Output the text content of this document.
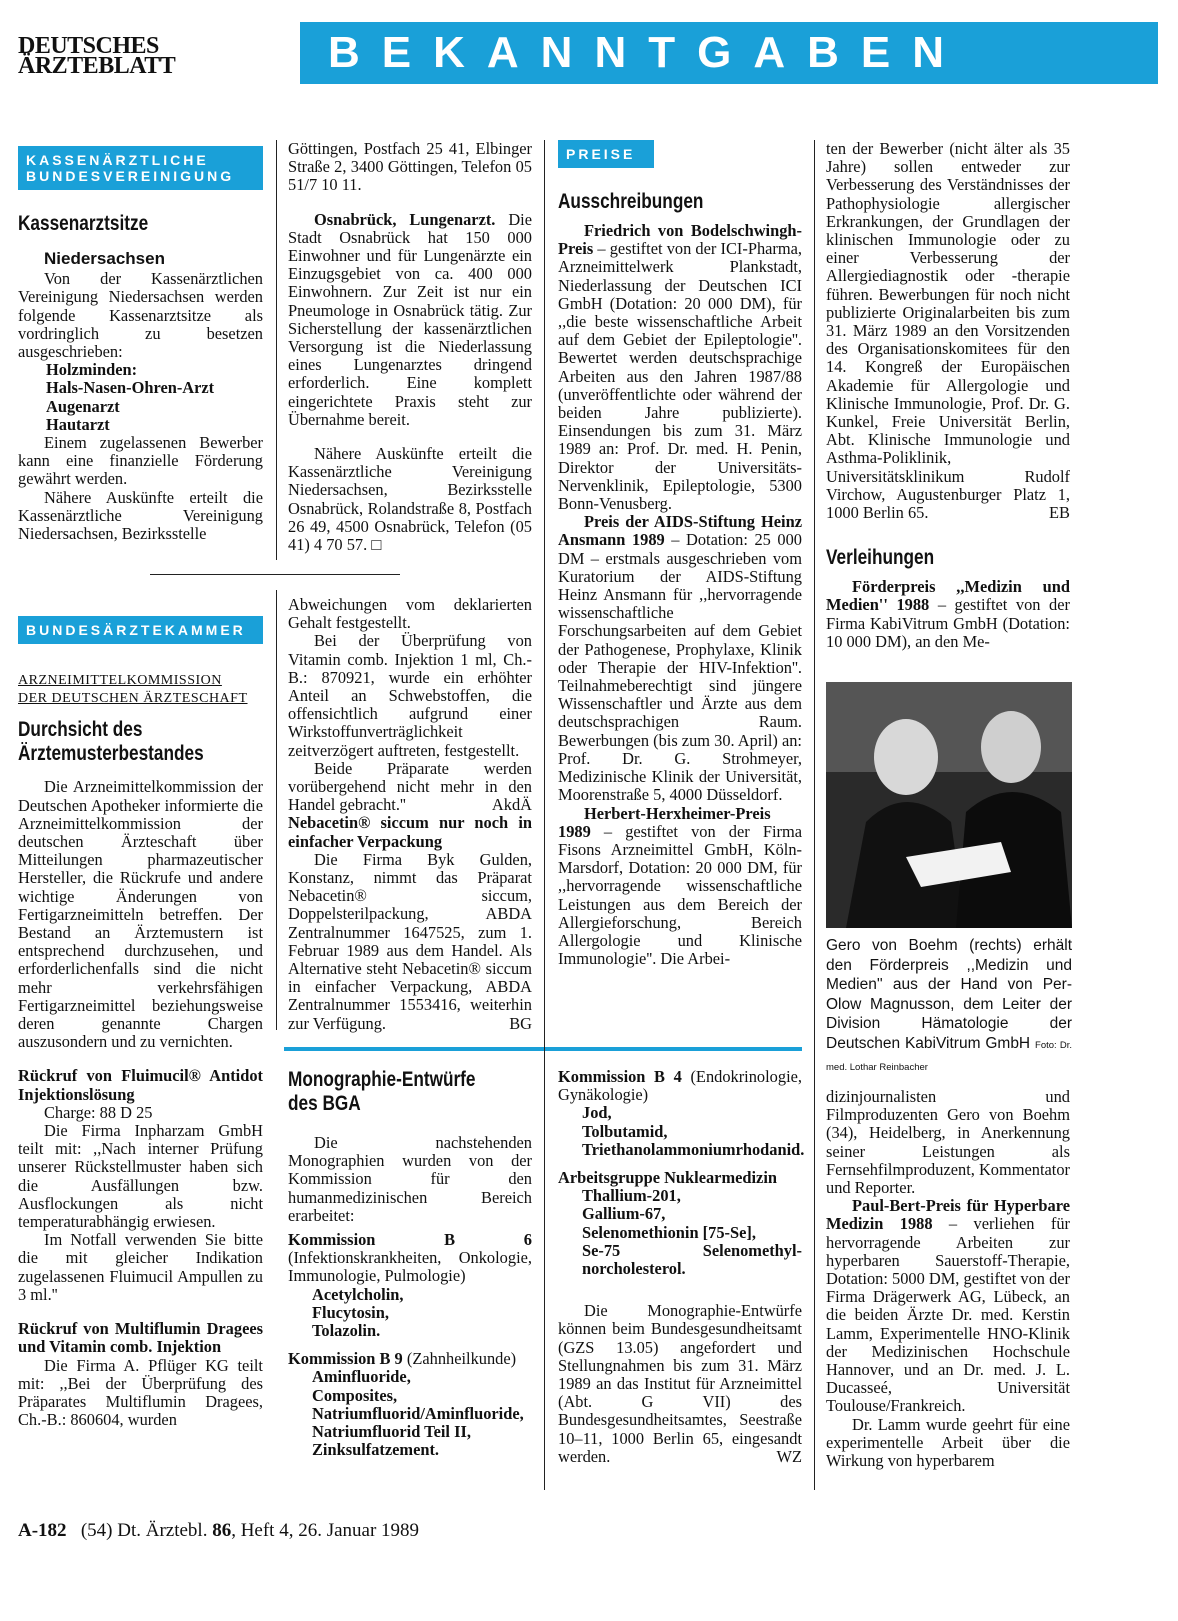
DEUTSCHES
ÄRZTEBLATT	BEKANNTGABEN
KASSENÄRZTLICHE
BUNDESVEREINIGUNG
Kassenarztsitze
Niedersachsen

Von der Kassenärztlichen Vereinigung Niedersachsen werden folgende Kassenarztsitze als vordringlich zu besetzen ausgeschrieben:

Holzminden:

Hals-Nasen-Ohren-Arzt

Augenarzt

Hautarzt

Einem zugelassenen Bewerber kann eine finanzielle Förderung gewährt werden.

Nähere Auskünfte erteilt die Kassenärztliche Vereinigung Niedersachsen, Bezirksstelle

Göttingen, Postfach 25 41, Elbinger Straße 2, 3400 Göttingen, Telefon 05 51/7 10 11.

Osnabrück, Lungenarzt. Die Stadt Osnabrück hat 150 000 Einwohner und für Lungenärzte ein Einzugsgebiet von ca. 400 000 Einwohnern. Zur Zeit ist nur ein Pneumologe in Osnabrück tätig. Zur Sicherstellung der kassenärztlichen Versorgung ist die Niederlassung eines Lungenarztes dringend erforderlich. Eine komplett eingerichtete Praxis steht zur Übernahme bereit.

Nähere Auskünfte erteilt die Kassenärztliche Vereinigung Niedersachsen, Bezirksstelle Osnabrück, Rolandstraße 8, Postfach 26 49, 4500 Osnabrück, Telefon (05 41) 4 70 57. □

BUNDESÄRZTEKAMMER
ARZNEIMITTELKOMMISSION
DER DEUTSCHEN ÄRZTESCHAFT
Durchsicht des
Ärztemusterbestandes

Die Arzneimittelkommission der Deutschen Apotheker informierte die Arzneimittelkommission der deutschen Ärzteschaft über Mitteilungen pharmazeutischer Hersteller, die Rückrufe und andere wichtige Änderungen von Fertigarzneimitteln betreffen. Der Bestand an Ärztemustern ist entsprechend durchzusehen, und erforderlichenfalls sind die nicht mehr verkehrsfähigen Fertigarzneimittel beziehungsweise deren genannte Chargen auszusondern und zu vernichten.

Rückruf von Fluimucil® Antidot Injektionslösung

Charge: 88 D 25

Die Firma Inpharzam GmbH teilt mit: ,,Nach interner Prüfung unserer Rückstellmuster haben sich die Ausfällungen bzw. Ausflockungen als nicht temperaturabhängig erwiesen.

Im Notfall verwenden Sie bitte die mit gleicher Indikation zugelassenen Fluimucil Ampullen zu 3 ml.''

Rückruf von Multiflumin Dragees und Vitamin comb. Injektion

Die Firma A. Pflüger KG teilt mit: ,,Bei der Überprüfung des Präparates Multiflumin Dragees, Ch.-B.: 860604, wurden

Abweichungen vom deklarierten Gehalt festgestellt.

Bei der Überprüfung von Vitamin comb. Injektion 1 ml, Ch.-B.: 870921, wurde ein erhöhter Anteil an Schwebstoffen, die offensichtlich aufgrund einer Wirkstoffunverträglichkeit zeitverzögert auftreten, festgestellt.

Beide Präparate werden vorübergehend nicht mehr in den Handel gebracht.''	AkdÄ

Nebacetin® siccum nur noch in einfacher Verpackung

Die Firma Byk Gulden, Konstanz, nimmt das Präparat Nebacetin® siccum, Doppelsterilpackung, ABDA Zentralnummer 1647525, zum 1. Februar 1989 aus dem Handel. Als Alternative steht Nebacetin® siccum in einfacher Verpackung, ABDA Zentralnummer 1553416, weiterhin zur Verfügung.	BG

Monographie-Entwürfe
des BGA

Die nachstehenden Monographien wurden von der Kommission für den humanmedizinischen Bereich erarbeitet:

Kommission B 6 (Infektionskrankheiten, Onkologie, Immunologie, Pulmologie)

Acetylcholin,

Flucytosin,

Tolazolin.

Kommission B 9 (Zahnheilkunde)

Aminfluoride,

Composites,

Natriumfluorid/Aminfluoride,

Natriumfluorid Teil II,

Zinksulfatzement.

PREISE
Ausschreibungen

Friedrich von Bodelschwingh-Preis – gestiftet von der ICI-Pharma, Arzneimittelwerk Plankstadt, Niederlassung der Deutschen ICI GmbH (Dotation: 20 000 DM), für ,,die beste wissenschaftliche Arbeit auf dem Gebiet der Epileptologie''. Bewertet werden deutschsprachige Arbeiten aus den Jahren 1987/88 (unveröffentlichte oder während der beiden Jahre publizierte). Einsendungen bis zum 31. März 1989 an: Prof. Dr. med. H. Penin, Direktor der Universitäts-Nervenklinik, Epileptologie, 5300 Bonn-Venusberg.

Preis der AIDS-Stiftung Heinz Ansmann 1989 – Dotation: 25 000 DM – erstmals ausgeschrieben vom Kuratorium der AIDS-Stiftung Heinz Ansmann für ,,hervorragende wissenschaftliche Forschungsarbeiten auf dem Gebiet der Pathogenese, Prophylaxe, Klinik oder Therapie der HIV-Infektion''. Teilnahmeberechtigt sind jüngere Wissenschaftler und Ärzte aus dem deutschsprachigen Raum. Bewerbungen (bis zum 30. April) an: Prof. Dr. G. Strohmeyer, Medizinische Klinik der Universität, Moorenstraße 5, 4000 Düsseldorf.

Herbert-Herxheimer-Preis 1989 – gestiftet von der Firma Fisons Arzneimittel GmbH, Köln-Marsdorf, Dotation: 20 000 DM, für ,,hervorragende wissenschaftliche Leistungen aus dem Bereich der Allergieforschung, Bereich Allergologie und Klinische Immunologie''. Die Arbei-

Kommission B 4 (Endokrinologie, Gynäkologie)

Jod,

Tolbutamid,

Triethanolammoniumrhodanid.

Arbeitsgruppe Nuklearmedizin

Thallium-201,

Gallium-67,

Selenomethionin [75-Se],

Se-75 Selenomethyl-norcholesterol.

Die Monographie-Entwürfe können beim Bundesgesundheitsamt (GZS 13.05) angefordert und Stellungnahmen bis zum 31. März 1989 an das Institut für Arzneimittel (Abt. G VII) des Bundesgesundheitsamtes, Seestraße 10–11, 1000 Berlin 65, eingesandt werden.	WZ

ten der Bewerber (nicht älter als 35 Jahre) sollen entweder zur Verbesserung des Verständnisses der Pathophysiologie allergischer Erkrankungen, der Grundlagen der klinischen Immunologie oder zu einer Verbesserung der Allergiediagnostik oder -therapie führen. Bewerbungen für noch nicht publizierte Originalarbeiten bis zum 31. März 1989 an den Vorsitzenden des Organisationskomitees für den 14. Kongreß der Europäischen Akademie für Allergologie und Klinische Immunologie, Prof. Dr. G. Kunkel, Freie Universität Berlin, Abt. Klinische Immunologie und Asthma-Poliklinik, Universitätsklinikum Rudolf Virchow, Augustenburger Platz 1, 1000 Berlin 65.	EB

Verleihungen

Förderpreis ,,Medizin und Medien'' 1988 – gestiftet von der Firma KabiVitrum GmbH (Dotation: 10 000 DM), an den Me-

Gero von Boehm (rechts) erhält den Förderpreis ,,Medizin und Medien'' aus der Hand von Per-Olow Magnusson, dem Leiter der Division Hämatologie der Deutschen KabiVitrum GmbH Foto: Dr. med. Lothar Reinbacher

dizinjournalisten und Filmproduzenten Gero von Boehm (34), Heidelberg, in Anerkennung seiner Leistungen als Fernsehfilmproduzent, Kommentator und Reporter.

Paul-Bert-Preis für Hyperbare Medizin 1988 – verliehen für hervorragende Arbeiten zur hyperbaren Sauerstoff-Therapie, Dotation: 5000 DM, gestiftet von der Firma Drägerwerk AG, Lübeck, an die beiden Ärzte Dr. med. Kerstin Lamm, Experimentelle HNO-Klinik der Medizinischen Hochschule Hannover, und an Dr. med. J. L. Ducasseé, Universität Toulouse/Frankreich.

Dr. Lamm wurde geehrt für eine experimentelle Arbeit über die Wirkung von hyperbarem

A-182 (54) Dt. Ärztebl. 86, Heft 4, 26. Januar 1989
